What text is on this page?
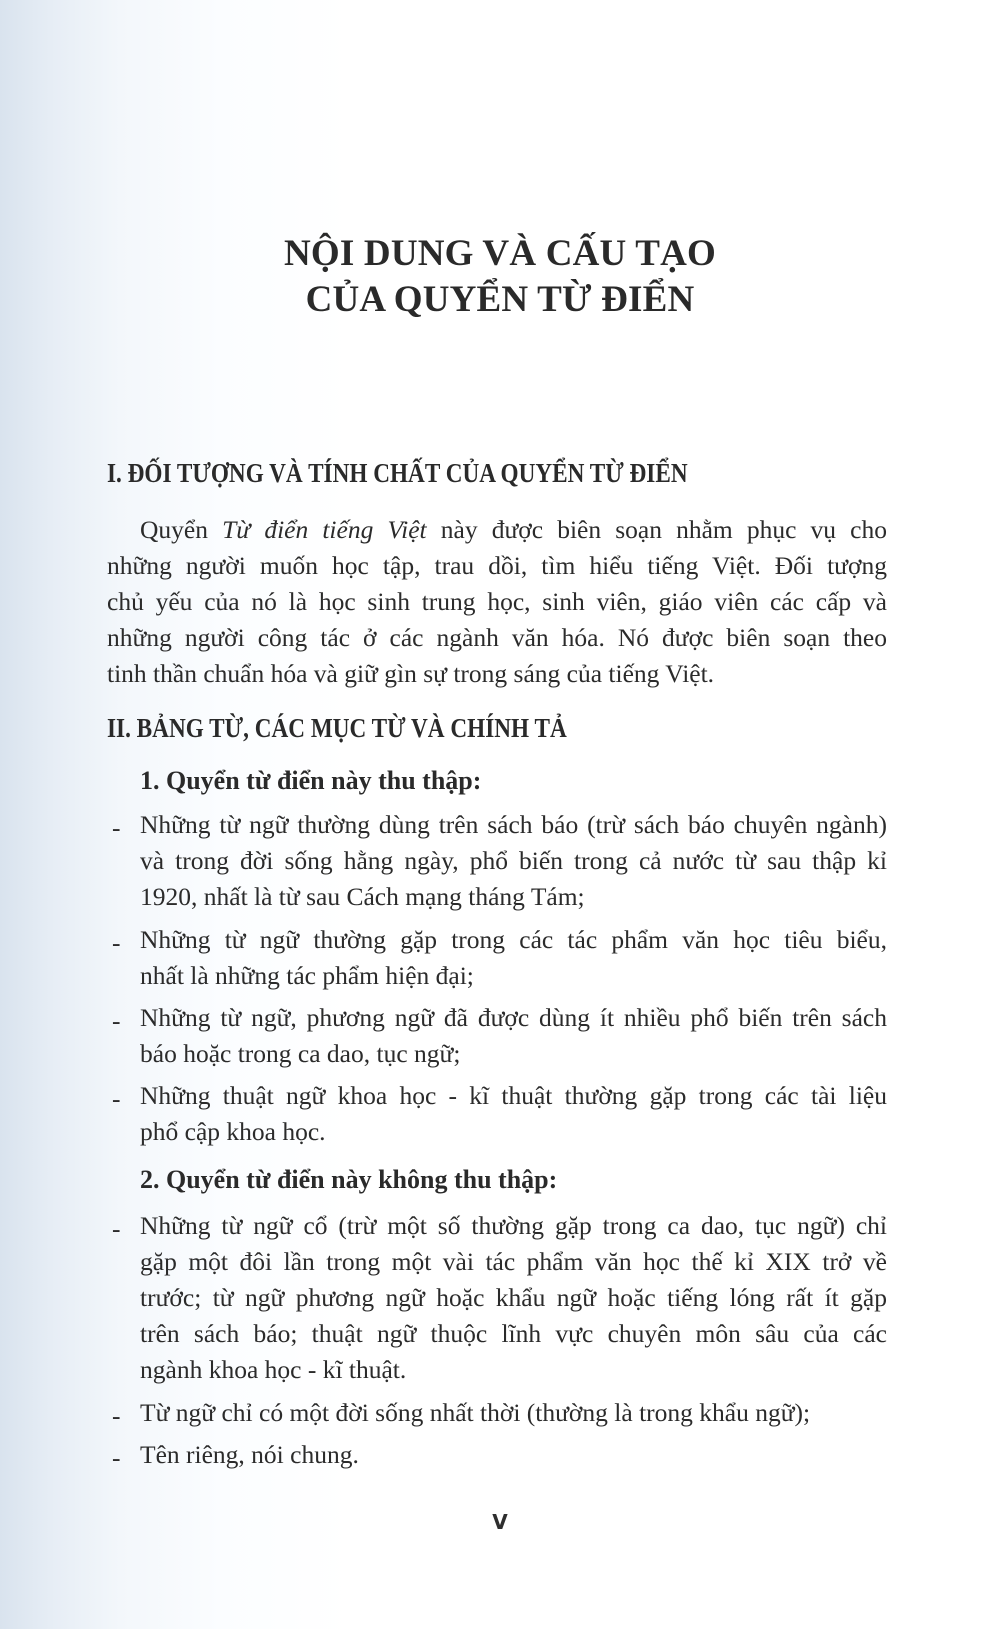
NỘI DUNG VÀ CẤU TẠO
CỦA QUYỂN TỪ ĐIỂN
I. ĐỐI TƯỢNG VÀ TÍNH CHẤT CỦA QUYỂN TỪ ĐIỂN
Quyển Từ điển tiếng Việt này được biên soạn nhằm phục vụ cho
những người muốn học tập, trau dồi, tìm hiểu tiếng Việt. Đối tượng
chủ yếu của nó là học sinh trung học, sinh viên, giáo viên các cấp và
những người công tác ở các ngành văn hóa. Nó được biên soạn theo
tinh thần chuẩn hóa và giữ gìn sự trong sáng của tiếng Việt.
II. BẢNG TỪ, CÁC MỤC TỪ VÀ CHÍNH TẢ
1. Quyển từ điển này thu thập:
- Những từ ngữ thường dùng trên sách báo (trừ sách báo chuyên ngành)
và trong đời sống hằng ngày, phổ biến trong cả nước từ sau thập kỉ
1920, nhất là từ sau Cách mạng tháng Tám;
- Những từ ngữ thường gặp trong các tác phẩm văn học tiêu biểu,
nhất là những tác phẩm hiện đại;
- Những từ ngữ, phương ngữ đã được dùng ít nhiều phổ biến trên sách
báo hoặc trong ca dao, tục ngữ;
- Những thuật ngữ khoa học - kĩ thuật thường gặp trong các tài liệu
phổ cập khoa học.
2. Quyển từ điển này không thu thập:
- Những từ ngữ cổ (trừ một số thường gặp trong ca dao, tục ngữ) chỉ
gặp một đôi lần trong một vài tác phẩm văn học thế kỉ XIX trở về
trước; từ ngữ phương ngữ hoặc khẩu ngữ hoặc tiếng lóng rất ít gặp
trên sách báo; thuật ngữ thuộc lĩnh vực chuyên môn sâu của các
ngành khoa học - kĩ thuật.
- Từ ngữ chỉ có một đời sống nhất thời (thường là trong khẩu ngữ);
- Tên riêng, nói chung.
V
